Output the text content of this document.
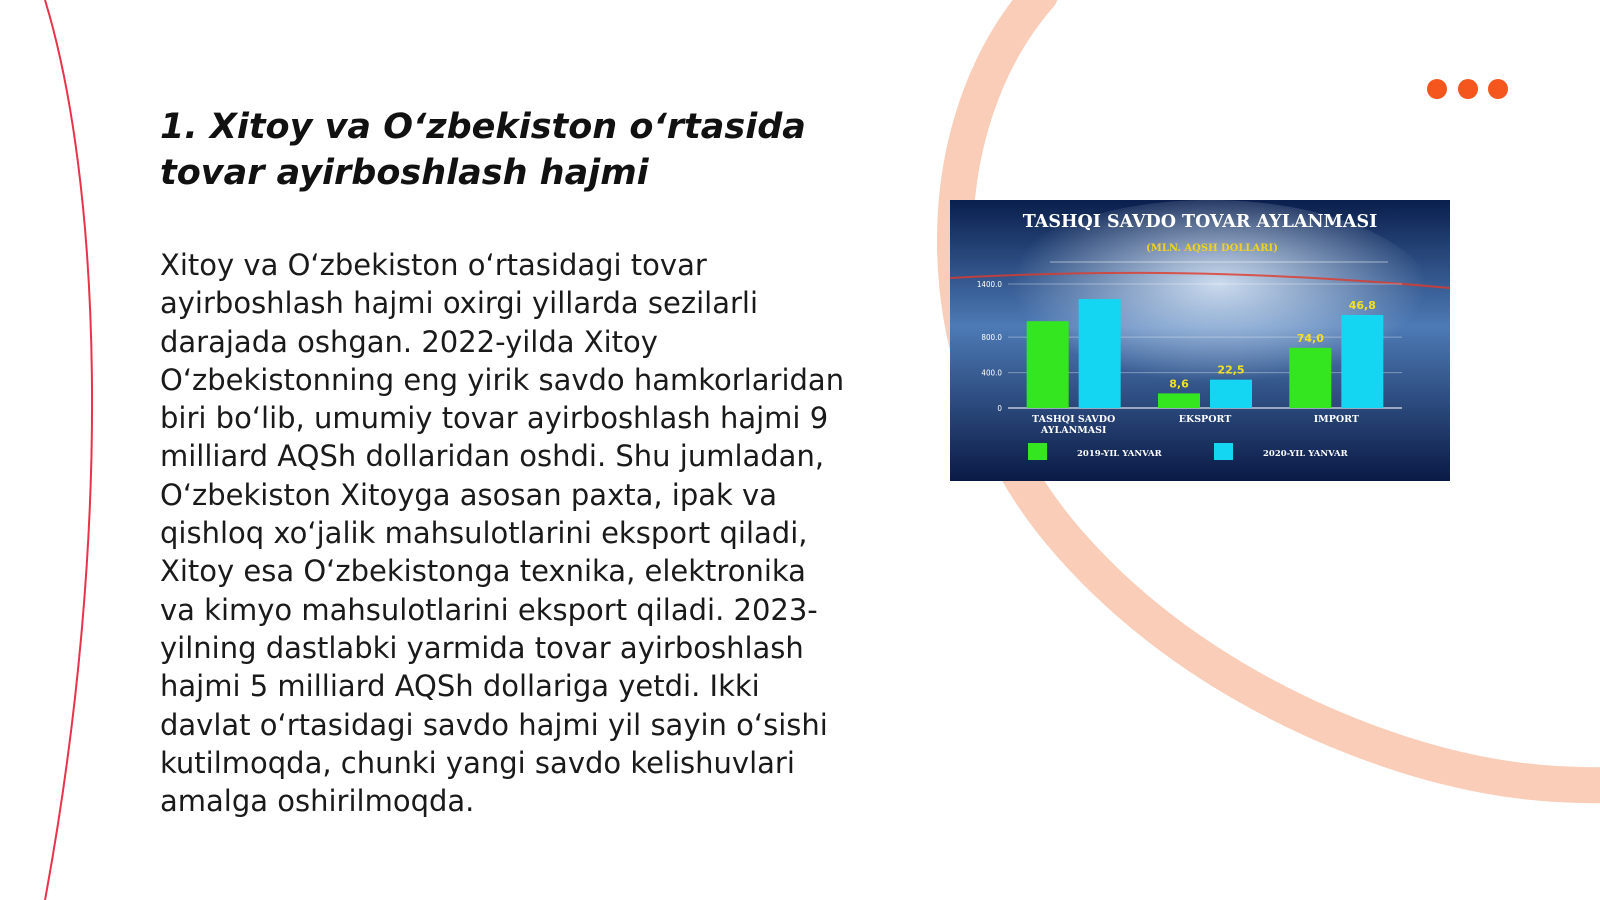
1. Xitoy va O‘zbekiston o‘rtasida tovar ayirboshlash hajmi

Xitoy va O‘zbekiston o‘rtasidagi tovar ayirboshlash hajmi oxirgi yillarda sezilarli darajada oshgan. 2022-yilda Xitoy O‘zbekistonning eng yirik savdo hamkorlaridan biri bo‘lib, umumiy tovar ayirboshlash hajmi 9 milliard AQSh dollaridan oshdi. Shu jumladan, O‘zbekiston Xitoyga asosan paxta, ipak va qishloq xo‘jalik mahsulotlarini eksport qiladi, Xitoy esa O‘zbekistonga texnika, elektronika va kimyo mahsulotlarini eksport qiladi. 2023-yilning dastlabki yarmida tovar ayirboshlash hajmi 5 milliard AQSh dollariga yetdi. Ikki davlat o‘rtasidagi savdo hajmi yil sayin o‘sishi kutilmoqda, chunki yangi savdo kelishuvlari amalga oshirilmoqda.

TASHQI SAVDO TOVAR AYLANMASI
(MLN. AQSH DOLLARI)
0
400.0
800.0
1400.0
TASHQI SAVDO
AYLANMASI
8,6
22,5
EKSPORT
74,0
46,8
IMPORT
2019-YIL YANVAR	2020-YIL YANVAR
